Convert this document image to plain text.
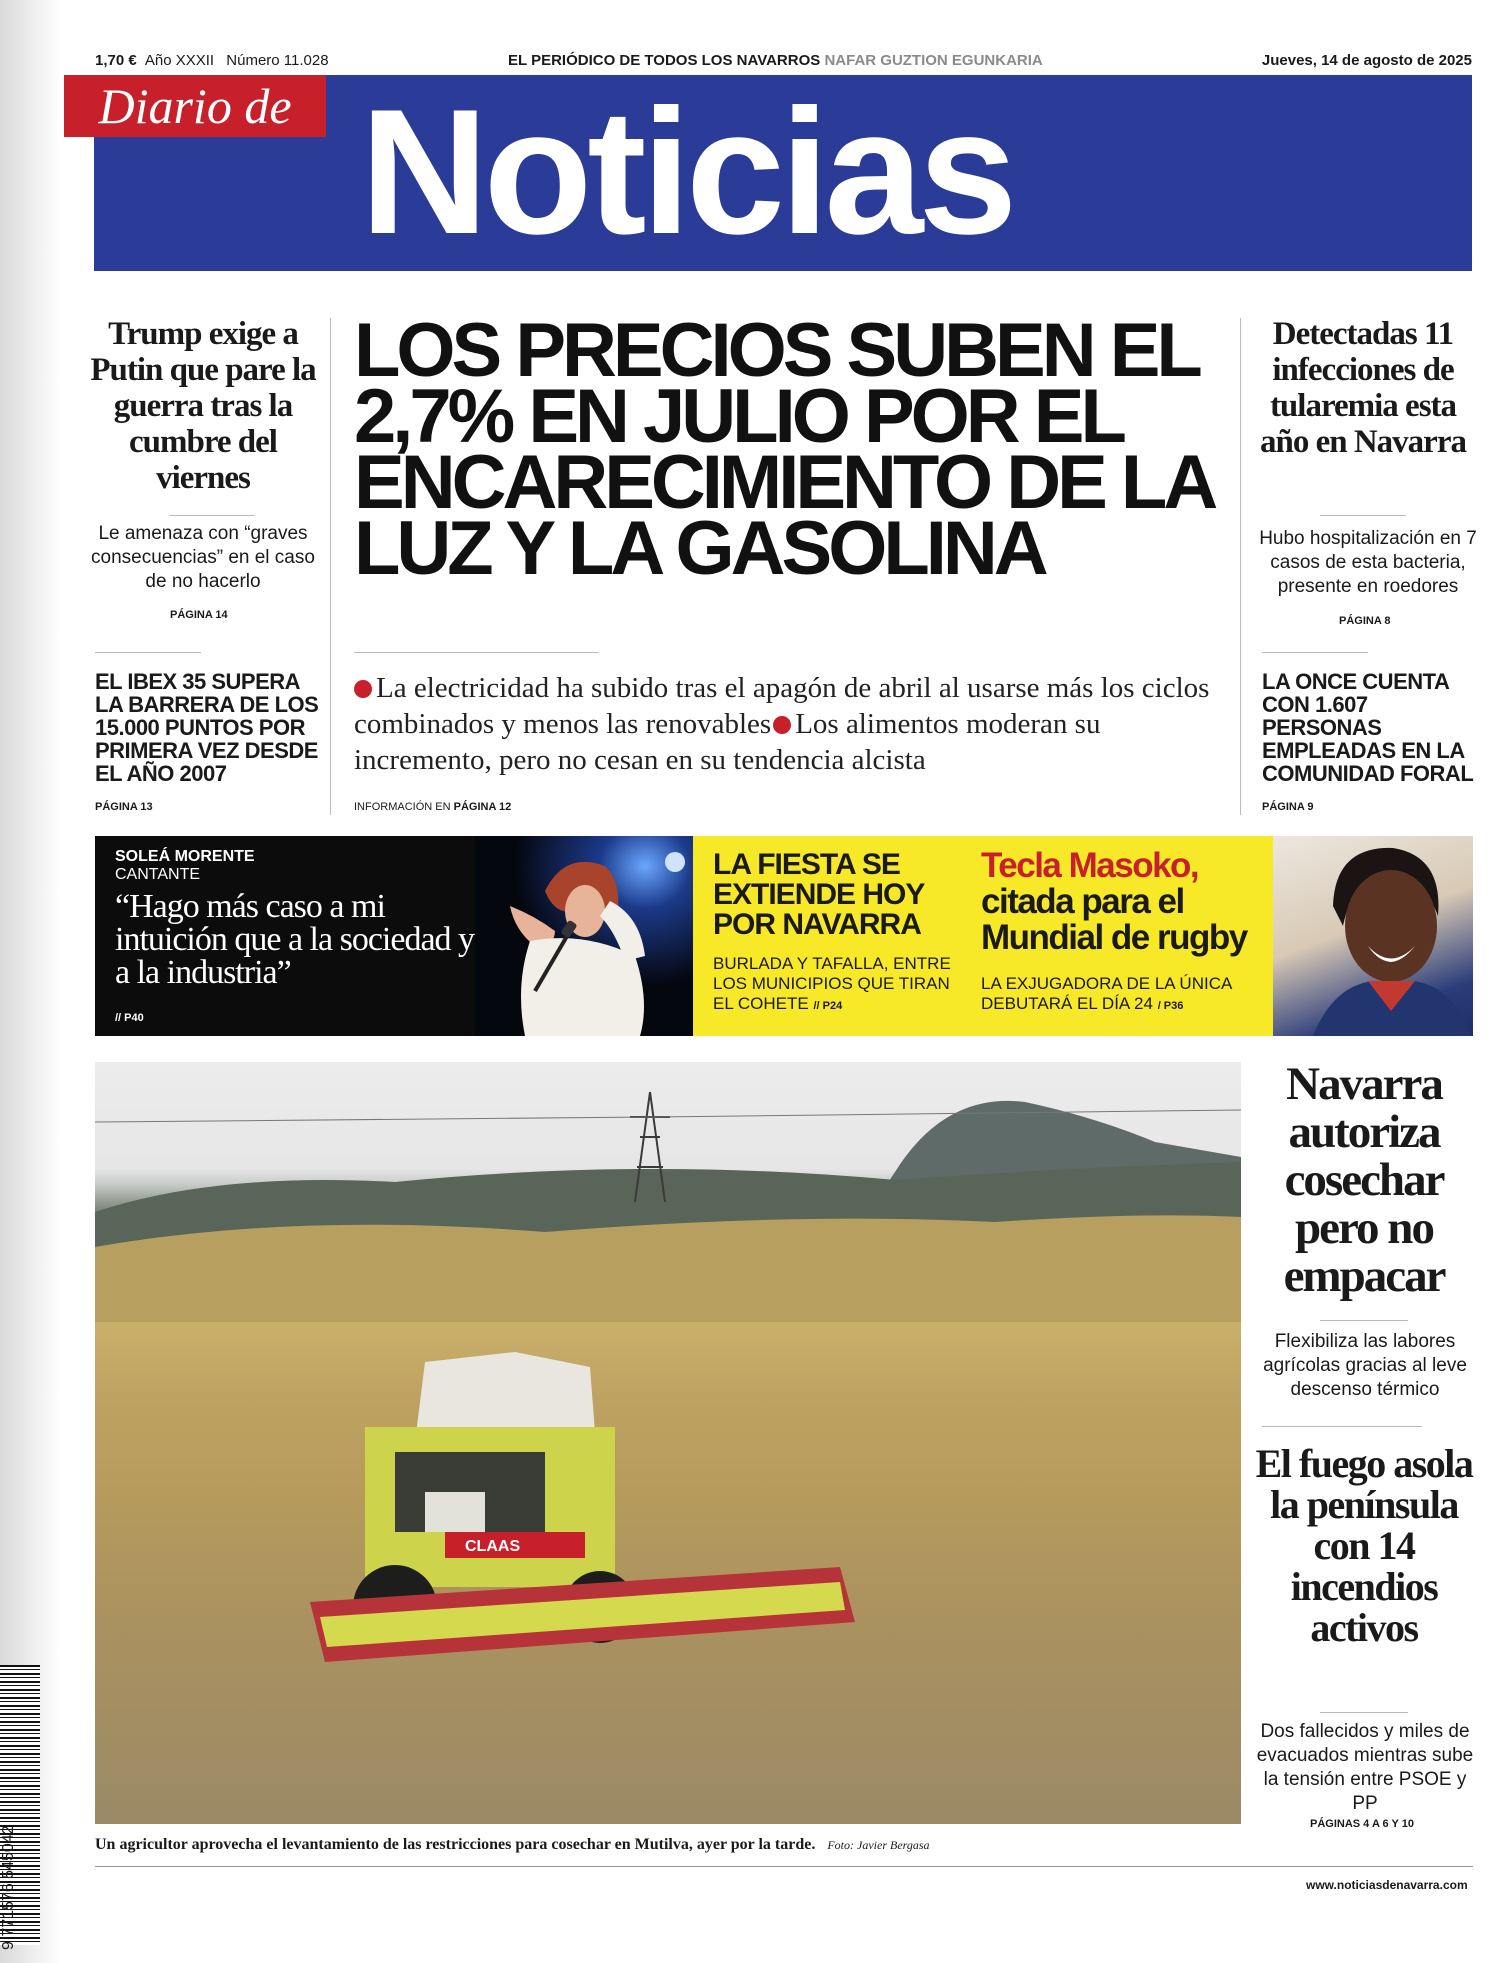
1,70 € Año XXXII Número 11.028	EL PERIÓDICO DE TODOS LOS NAVARROS NAFAR GUZTION EGUNKARIA	Jueves, 14 de agosto de 2025
Diario de Noticias
Trump exige a Putin que pare la guerra tras la cumbre del viernes
Le amenaza con “graves consecuencias” en el caso de no hacerlo
PÁGINA 14
EL IBEX 35 SUPERA LA BARRERA DE LOS 15.000 PUNTOS POR PRIMERA VEZ DESDE EL AÑO 2007
PÁGINA 13
LOS PRECIOS SUBEN EL 2,7% EN JULIO POR EL ENCARECIMIENTO DE LA LUZ Y LA GASOLINA
La electricidad ha subido tras el apagón de abril al usarse más los ciclos combinados y menos las renovables Los alimentos moderan su incremento, pero no cesan en su tendencia alcista
INFORMACIÓN EN PÁGINA 12
Detectadas 11 infecciones de tularemia esta año en Navarra
Hubo hospitalización en 7 casos de esta bacteria, presente en roedores
PÁGINA 8
LA ONCE CUENTA CON 1.607 PERSONAS EMPLEADAS EN LA COMUNIDAD FORAL
PÁGINA 9
SOLEÁ MORENTE
CANTANTE
“Hago más caso a mi intuición que a la sociedad y a la industria”
// P40
LA FIESTA SE EXTIENDE HOY POR NAVARRA
BURLADA Y TAFALLA, ENTRE LOS MUNICIPIOS QUE TIRAN EL COHETE // P24
Tecla Masoko,
citada para el Mundial de rugby
LA EXJUGADORA DE LA ÚNICA DEBUTARÁ EL DÍA 24 / P36
CLAAS
Un agricultor aprovecha el levantamiento de las restricciones para cosechar en Mutilva, ayer por la tarde. Foto: Javier Bergasa
Navarra autoriza cosechar pero no empacar
Flexibiliza las labores agrícolas gracias al leve descenso térmico
El fuego asola la península con 14 incendios activos
Dos fallecidos y miles de evacuados mientras sube la tensión entre PSOE y PP
PÁGINAS 4 A 6 Y 10
www.noticiasdenavarra.com
9 771576 545042
